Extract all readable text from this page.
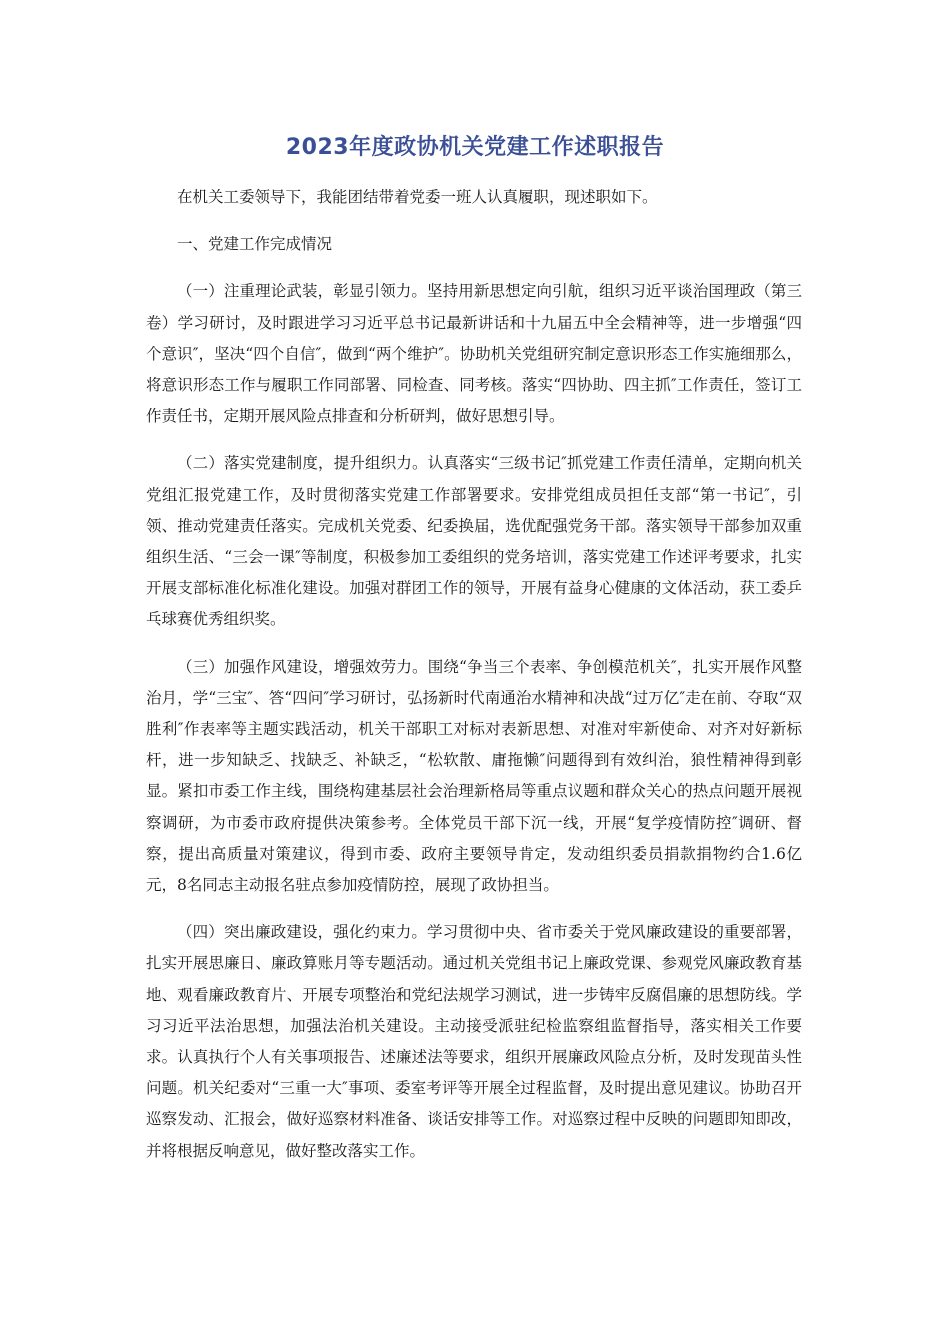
2023年度政协机关党建工作述职报告

在机关工委领导下，我能团结带着党委一班人认真履职，现述职如下。

一、党建工作完成情况

（一）注重理论武装，彰显引领力。坚持用新思想定向引航，组织习近平谈治国理政（第三卷）学习研讨，及时跟进学习习近平总书记最新讲话和十九届五中全会精神等，进一步增强“四个意识″，坚决“四个自信″，做到“两个维护″。协助机关党组研究制定意识形态工作实施细那么，将意识形态工作与履职工作同部署、同检查、同考核。落实“四协助、四主抓″工作责任，签订工作责任书，定期开展风险点排查和分析研判，做好思想引导。

（二）落实党建制度，提升组织力。认真落实“三级书记″抓党建工作责任清单，定期向机关党组汇报党建工作，及时贯彻落实党建工作部署要求。安排党组成员担任支部“第一书记″，引领、推动党建责任落实。完成机关党委、纪委换届，选优配强党务干部。落实领导干部参加双重组织生活、“三会一课″等制度，积极参加工委组织的党务培训，落实党建工作述评考要求，扎实开展支部标准化标准化建设。加强对群团工作的领导，开展有益身心健康的文体活动，获工委乒乓球赛优秀组织奖。

（三）加强作风建设，增强效劳力。围绕“争当三个表率、争创模范机关″，扎实开展作风整治月，学“三宝″、答“四问″学习研讨，弘扬新时代南通治水精神和决战“过万亿″走在前、夺取“双胜利″作表率等主题实践活动，机关干部职工对标对表新思想、对准对牢新使命、对齐对好新标杆，进一步知缺乏、找缺乏、补缺乏，“松软散、庸拖懒″问题得到有效纠治，狼性精神得到彰显。紧扣市委工作主线，围绕构建基层社会治理新格局等重点议题和群众关心的热点问题开展视察调研，为市委市政府提供决策参考。全体党员干部下沉一线，开展“复学疫情防控″调研、督察，提出高质量对策建议，得到市委、政府主要领导肯定，发动组织委员捐款捐物约合1.6亿元，8名同志主动报名驻点参加疫情防控，展现了政协担当。

（四）突出廉政建设，强化约束力。学习贯彻中央、省市委关于党风廉政建设的重要部署，扎实开展思廉日、廉政算账月等专题活动。通过机关党组书记上廉政党课、参观党风廉政教育基地、观看廉政教育片、开展专项整治和党纪法规学习测试，进一步铸牢反腐倡廉的思想防线。学习习近平法治思想，加强法治机关建设。主动接受派驻纪检监察组监督指导，落实相关工作要求。认真执行个人有关事项报告、述廉述法等要求，组织开展廉政风险点分析，及时发现苗头性问题。机关纪委对“三重一大″事项、委室考评等开展全过程监督，及时提出意见建议。协助召开巡察发动、汇报会，做好巡察材料准备、谈话安排等工作。对巡察过程中反映的问题即知即改，并将根据反响意见，做好整改落实工作。
